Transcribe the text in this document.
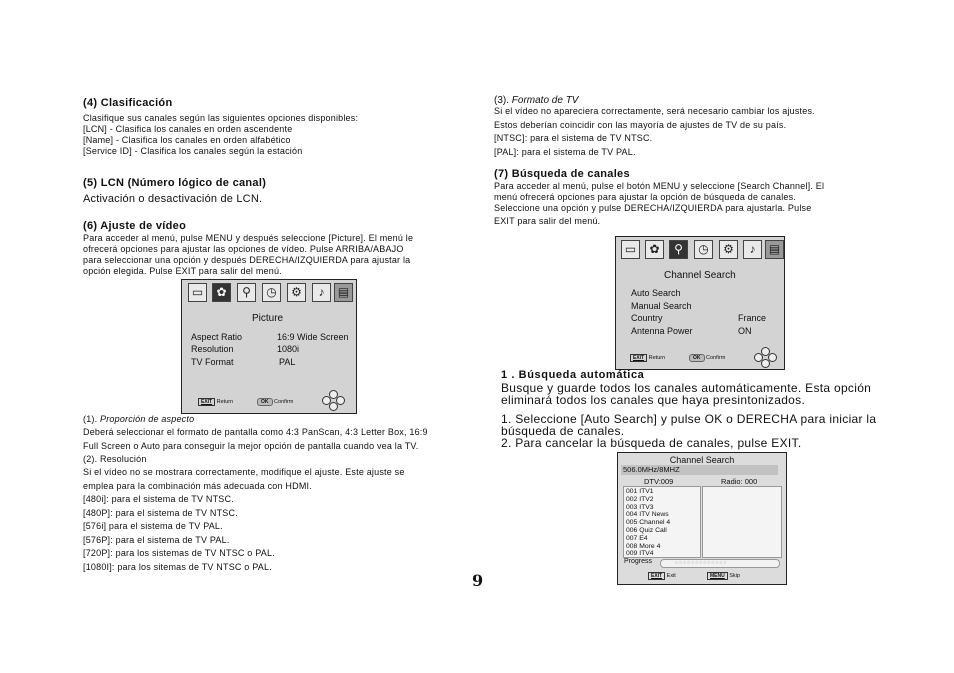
(4) Clasificación
Clasifique sus canales según las siguientes opciones disponibles:
[LCN] - Clasifica los canales en orden ascendente
[Name] - Clasifica los canales en orden alfabético
[Service ID] - Clasifica los canales según la estación
(5) LCN (Número lógico de canal)
Activación o desactivación de LCN.
(6) Ajuste de vídeo
Para acceder al menú, pulse MENU y después seleccione [Picture]. El menú le
ofrecerá opciones para ajustar las opciones de vídeo. Pulse ARRIBA/ABAJO
para seleccionar una opción y después DERECHA/IZQUIERDA para ajustar la
opción elegida. Pulse EXIT para salir del menú.
▭	✿	⚲	◷	⚙	♪	▤
Picture
Aspect Ratio	16:9 Wide Screen
Resolution	1080i
TV Format	PAL
EXIT Return	OK Confirm
(1). Proporción de aspecto
Deberá seleccionar el formato de pantalla como 4:3 PanScan, 4:3 Letter Box, 16:9
Full Screen o Auto para conseguir la mejor opción de pantalla cuando vea la TV.
(2). Resolución
Si el vídeo no se mostrara correctamente, modifique el ajuste. Este ajuste se
emplea para la combinación más adecuada con HDMI.
[480i]: para el sistema de TV NTSC.
[480P]: para el sistema de TV NTSC.
[576i] para el sistema de TV PAL.
[576P]: para el sistema de TV PAL.
[720P]: para los sistemas de TV NTSC o PAL.
[1080I]: para los sitemas de TV NTSC o PAL.
(3). Formato de TV
Si el vídeo no apareciera correctamente, será necesario cambiar los ajustes.
Estos deberían coincidir con las mayoría de ajustes de TV de su país.
[NTSC]: para el sistema de TV NTSC.
[PAL]: para el sistema de TV PAL.
(7) Búsqueda de canales
Para acceder al menú, pulse el botón MENU y seleccione [Search Channel]. El
menú ofrecerá opciones para ajustar la opción de búsqueda de canales.
Seleccione una opción y pulse DERECHA/IZQUIERDA para ajustarla. Pulse
EXIT para salir del menú.
▭	✿	⚲	◷	⚙	♪	▤
Channel Search
Auto Search
Manual Search
Country	France
Antenna Power	ON
EXIT Return	OK Confirm
1 . Búsqueda automática
Busque y guarde todos los canales automáticamente. Esta opción
eliminará todos los canales que haya presintonizados.
1. Seleccione [Auto Search] y pulse OK o DERECHA para iniciar la
búsqueda de canales.
2. Para cancelar la búsqueda de canales, pulse EXIT.
Channel Search
506.0MHz/8MHZ
DTV:009	Radio: 000
001 ITV1
002 ITV2
003 ITV3
004 ITV News
005 Channel 4
006 Quiz Call
007 E4
008 More 4
009 ITV4
Progress	○○○○○○○○○○○○○
EXIT Exit	MENU Skip
9
